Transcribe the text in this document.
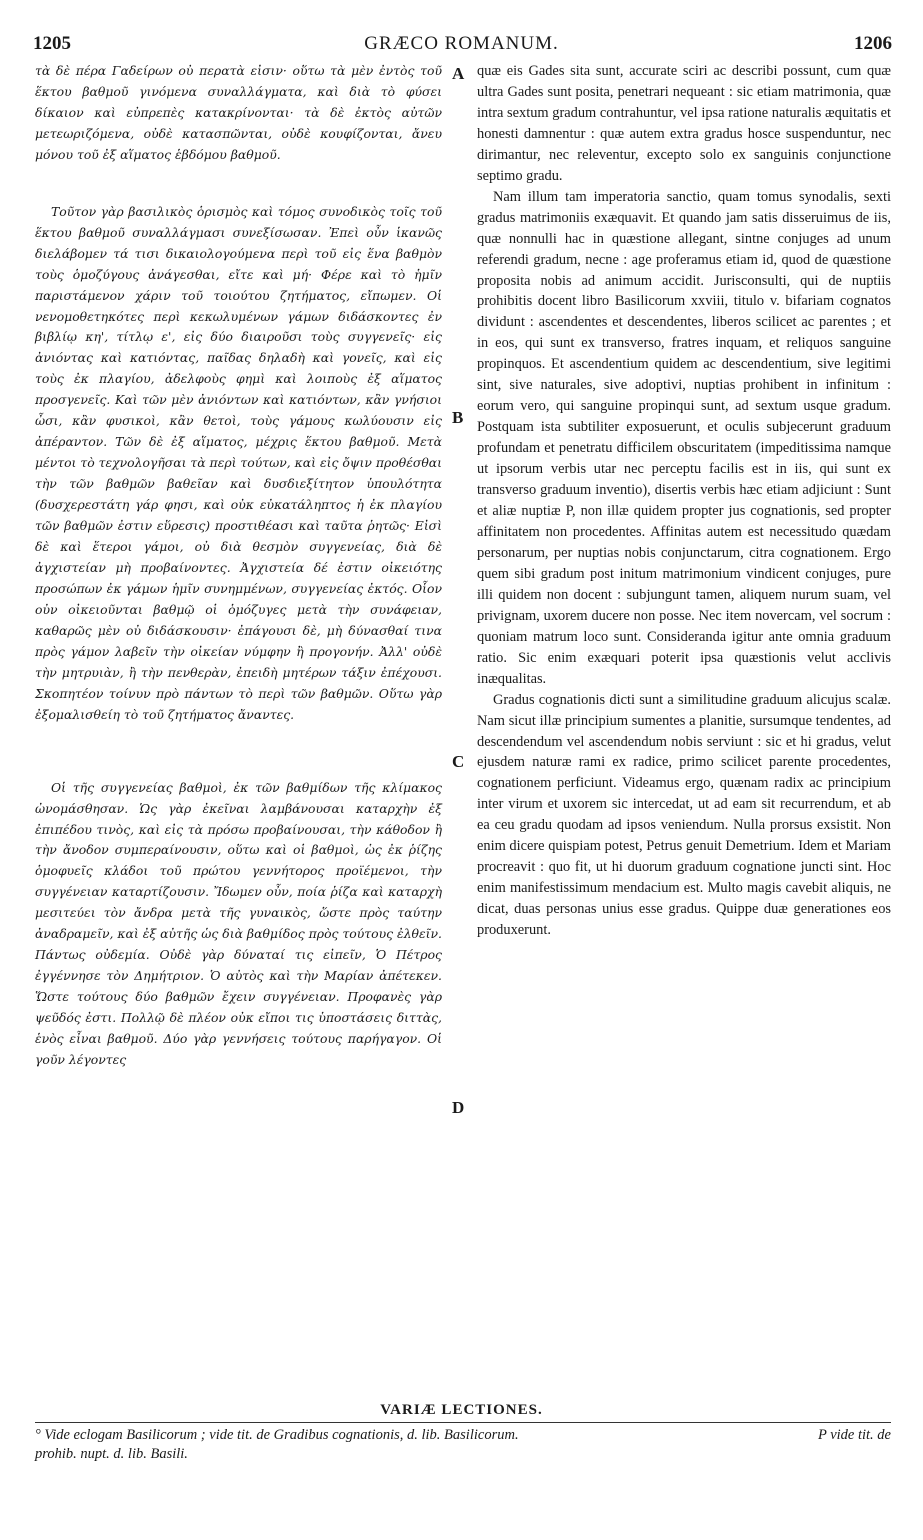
1205	GRÆCO ROMANUM.	1206

τὰ δὲ πέρα Γαδείρων οὐ περατὰ εἰσιν· οὕτω τὰ μὲν ἐντὸς τοῦ ἕκτου βαθμοῦ γινόμενα συναλλάγματα, καὶ διὰ τὸ φύσει δίκαιον καὶ εὐπρεπὲς κατακρίνονται· τὰ δὲ ἐκτὸς αὐτῶν μετεωριζόμενα, οὐδὲ κατασπῶνται, οὐδὲ κουφίζονται, ἄνευ μόνου τοῦ ἐξ αἵματος ἑβδόμου βαθμοῦ.

Τοῦτον γὰρ βασιλικὸς ὁρισμὸς καὶ τόμος συνοδικὸς τοῖς τοῦ ἕκτου βαθμοῦ συναλλάγμασι συνεξίσωσαν. Ἐπεὶ οὖν ἱκανῶς διελάβομεν τά τισι δικαιολογούμενα περὶ τοῦ εἰς ἕνα βαθμὸν τοὺς ὁμοζύγους ἀνάγεσθαι, εἴτε καὶ μή· Φέρε καὶ τὸ ἡμῖν παριστάμενον χάριν τοῦ τοιούτου ζητήματος, εἴπωμεν. Οἱ νενομοθετηκότες περὶ κεκωλυμένων γάμων διδάσκοντες ἐν βιβλίῳ κη', τίτλῳ ε', εἰς δύο διαιροῦσι τοὺς συγγενεῖς· εἰς ἀνιόντας καὶ κατιόντας, παῖδας δηλαδὴ καὶ γονεῖς, καὶ εἰς τοὺς ἐκ πλαγίου, ἀδελφοὺς φημὶ καὶ λοιποὺς ἐξ αἵματος προσγενεῖς. Καὶ τῶν μὲν ἀνιόντων καὶ κατιόντων, κἂν γνήσιοι ὦσι, κἂν φυσικοὶ, κἂν θετοὶ, τοὺς γάμους κωλύουσιν εἰς ἀπέραντον. Τῶν δὲ ἐξ αἵματος, μέχρις ἕκτου βαθμοῦ. Μετὰ μέντοι τὸ τεχνολογῆσαι τὰ περὶ τούτων, καὶ εἰς ὄψιν προθέσθαι τὴν τῶν βαθμῶν βαθεῖαν καὶ δυσδιεξίτητον ὑπουλότητα (δυσχερεστάτη γάρ φησι, καὶ οὐκ εὐκατάληπτος ἡ ἐκ πλαγίου τῶν βαθμῶν ἐστιν εὕρεσις) προστιθέασι καὶ ταῦτα ῥητῶς· Εἰσὶ δὲ καὶ ἕτεροι γάμοι, οὐ διὰ θεσμὸν συγγενείας, διὰ δὲ ἀγχιστείαν μὴ προβαίνοντες. Ἀγχιστεία δέ ἐστιν οἰκειότης προσώπων ἐκ γάμων ἡμῖν συνημμένων, συγγενείας ἐκτός. Οἷον οὐν οἰκειοῦνται βαθμῷ οἱ ὁμόζυγες μετὰ τὴν συνάφειαν, καθαρῶς μὲν οὐ διδάσκουσιν· ἐπάγουσι δὲ, μὴ δύνασθαί τινα πρὸς γάμον λαβεῖν τὴν οἰκείαν νύμφην ἢ προγονήν. Ἀλλ' οὐδὲ τὴν μητρυιὰν, ἢ τὴν πενθερὰν, ἐπειδὴ μητέρων τάξιν ἐπέχουσι. Σκοπητέον τοίνυν πρὸ πάντων τὸ περὶ τῶν βαθμῶν. Οὕτω γὰρ ἐξομαλισθείη τὸ τοῦ ζητήματος ἄναντες.

Οἱ τῆς συγγενείας βαθμοὶ, ἐκ τῶν βαθμίδων τῆς κλίμακος ὠνομάσθησαν. Ὡς γὰρ ἐκεῖναι λαμβάνουσαι καταρχὴν ἐξ ἐπιπέδου τινὸς, καὶ εἰς τὰ πρόσω προβαίνουσαι, τὴν κάθοδον ἢ τὴν ἄνοδον συμπεραίνουσιν, οὕτω καὶ οἱ βαθμοὶ, ὡς ἐκ ῥίζης ὁμοφυεῖς κλάδοι τοῦ πρώτου γεννήτορος προϊέμενοι, τὴν συγγένειαν καταρτίζουσιν. Ἴδωμεν οὖν, ποία ῥίζα καὶ καταρχὴ μεσιτεύει τὸν ἄνδρα μετὰ τῆς γυναικὸς, ὥστε πρὸς ταύτην ἀναδραμεῖν, καὶ ἐξ αὐτῆς ὡς διὰ βαθμίδος πρὸς τούτους ἐλθεῖν. Πάντως οὐδεμία. Οὐδὲ γὰρ δύναταί τις εἰπεῖν, Ὁ Πέτρος ἐγγέννησε τὸν Δημήτριον. Ὁ αὐτὸς καὶ τὴν Μαρίαν ἀπέτεκεν. Ὥστε τούτους δύο βαθμῶν ἔχειν συγγένειαν. Προφανὲς γὰρ ψεῦδός ἐστι. Πολλῷ δὲ πλέον οὐκ εἴποι τις ὑποστάσεις διττὰς, ἑνὸς εἶναι βαθμοῦ. Δύο γὰρ γεννήσεις τούτους παρήγαγον. Οἱ γοῦν λέγοντες

A
B
C
D

quæ eis Gades sita sunt, accurate sciri ac describi possunt, cum quæ ultra Gades sunt posita, penetrari nequeant : sic etiam matrimonia, quæ intra sextum gradum contrahuntur, vel ipsa ratione naturalis æquitatis et honesti damnentur : quæ autem extra gradus hosce suspenduntur, nec dirimantur, nec releventur, excepto solo ex sanguinis conjunctione septimo gradu.

Nam illum tam imperatoria sanctio, quam tomus synodalis, sexti gradus matrimoniis exæquavit. Et quando jam satis disseruimus de iis, quæ nonnulli hac in quæstione allegant, sintne conjuges ad unum referendi gradum, necne : age proferamus etiam id, quod de quæstione proposita nobis ad animum accidit. Jurisconsulti, qui de nuptiis prohibitis docent libro Basilicorum xxviii, titulo v. bifariam cognatos dividunt : ascendentes et descendentes, liberos scilicet ac parentes ; et in eos, qui sunt ex transverso, fratres inquam, et reliquos sanguine propinquos. Et ascendentium quidem ac descendentium, sive legitimi sint, sive naturales, sive adoptivi, nuptias prohibent in infinitum : eorum vero, qui sanguine propinqui sunt, ad sextum usque gradum. Postquam ista subtiliter exposuerunt, et oculis subjecerunt graduum profundam et penetratu difficilem obscuritatem (impeditissima namque ut ipsorum verbis utar nec perceptu facilis est in iis, qui sunt ex transverso graduum inventio), disertis verbis hæc etiam adjiciunt : Sunt et aliæ nuptiæ P, non illæ quidem propter jus cognationis, sed propter affinitatem non procedentes. Affinitas autem est necessitudo quædam personarum, per nuptias nobis conjunctarum, citra cognationem. Ergo quem sibi gradum post initum matrimonium vindicent conjuges, pure illi quidem non docent : subjungunt tamen, aliquem nurum suam, vel privignam, uxorem ducere non posse. Nec item novercam, vel socrum : quoniam matrum loco sunt. Consideranda igitur ante omnia graduum ratio. Sic enim exæquari poterit ipsa quæstionis velut acclivis inæqualitas.

Gradus cognationis dicti sunt a similitudine graduum alicujus scalæ. Nam sicut illæ principium sumentes a planitie, sursumque tendentes, ad descendendum vel ascendendum nobis serviunt : sic et hi gradus, velut ejusdem naturæ rami ex radice, primo scilicet parente procedentes, cognationem perficiunt. Videamus ergo, quænam radix ac principium inter virum et uxorem sic intercedat, ut ad eam sit recurrendum, et ab ea ceu gradu quodam ad ipsos veniendum. Nulla prorsus exsistit. Non enim dicere quispiam potest, Petrus genuit Demetrium. Idem et Mariam procreavit : quo fit, ut hi duorum graduum cognatione juncti sint. Hoc enim manifestissimum mendacium est. Multo magis cavebit aliquis, ne dicat, duas personas unius esse gradus. Quippe duæ generationes eos produxerunt.

VARIÆ LECTIONES.
° Vide eclogam Basilicorum ; vide tit. de Gradibus cognationis, d. lib. Basilicorum.	P vide tit. de
prohib. nupt. d. lib. Basili.
